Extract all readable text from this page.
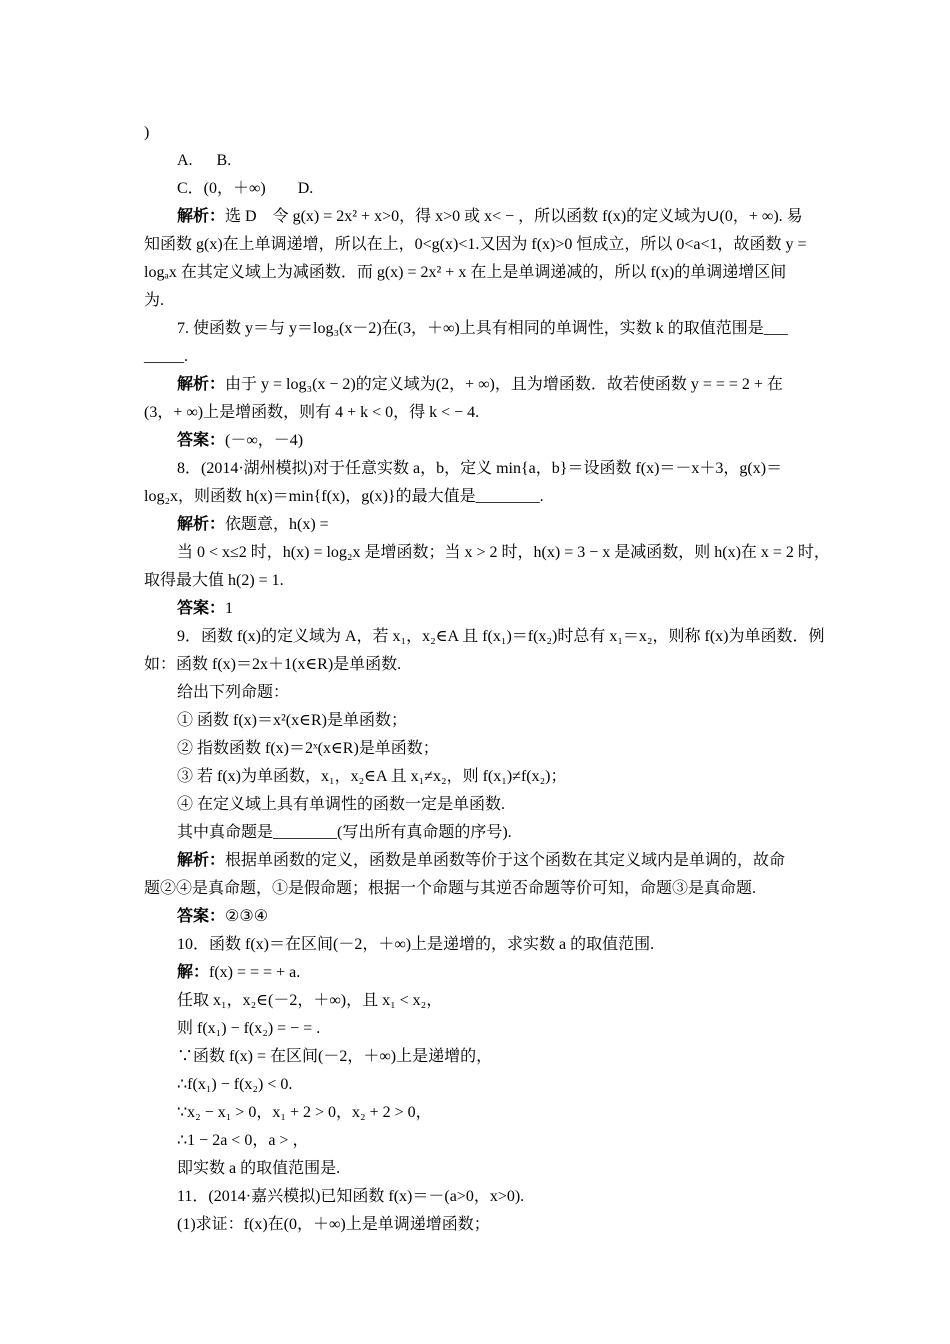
)
A.      B.
C．(0，＋∞)        D.
解析：选 D    令 g(x) = 2x² + x>0，得 x>0 或 x< − ，所以函数 f(x)的定义域为∪(0，+ ∞). 易
知函数 g(x)在上单调递增，所以在上，0<g(x)<1.又因为 f(x)>0 恒成立，所以 0<a<1，故函数 y =
logₐx 在其定义域上为减函数．而 g(x) = 2x² + x 在上是单调递减的，所以 f(x)的单调递增区间
为.
7. 使函数 y＝与 y＝log₃(x－2)在(3，＋∞)上具有相同的单调性，实数 k 的取值范围是___
_____.
解析：由于 y = log₃(x − 2)的定义域为(2，+ ∞)，且为增函数．故若使函数 y = = = 2 + 在
(3，+ ∞)上是增函数，则有 4 + k < 0，得 k < − 4.
答案：(－∞，－4)
8．(2014·湖州模拟)对于任意实数 a，b，定义 min{a，b}＝设函数 f(x)＝－x＋3，g(x)＝
log₂x，则函数 h(x)＝min{f(x)，g(x)}的最大值是________.
解析：依题意，h(x) =
当 0 < x≤2 时，h(x) = log₂x 是增函数；当 x > 2 时，h(x) = 3 − x 是减函数，则 h(x)在 x = 2 时，
取得最大值 h(2) = 1.
答案：1
9．函数 f(x)的定义域为 A，若 x₁，x₂∈A 且 f(x₁)＝f(x₂)时总有 x₁＝x₂，则称 f(x)为单函数．例
如：函数 f(x)＝2x＋1(x∈R)是单函数.
给出下列命题：
① 函数 f(x)＝x²(x∈R)是单函数；
② 指数函数 f(x)＝2ˣ(x∈R)是单函数；
③ 若 f(x)为单函数，x₁，x₂∈A 且 x₁≠x₂，则 f(x₁)≠f(x₂)；
④ 在定义域上具有单调性的函数一定是单函数.
其中真命题是________(写出所有真命题的序号).
解析：根据单函数的定义，函数是单函数等价于这个函数在其定义域内是单调的，故命
题②④是真命题，①是假命题；根据一个命题与其逆否命题等价可知，命题③是真命题.
答案：②③④
10．函数 f(x)＝在区间(－2，＋∞)上是递增的，求实数 a 的取值范围.
解：f(x) = = = + a.
任取 x₁，x₂∈(－2，＋∞)，且 x₁ < x₂，
则 f(x₁) − f(x₂) = − = .
∵函数 f(x) = 在区间(－2，＋∞)上是递增的，
∴f(x₁) − f(x₂) < 0.
∵x₂ − x₁ > 0，x₁ + 2 > 0，x₂ + 2 > 0，
∴1 − 2a < 0，a > ，
即实数 a 的取值范围是.
11．(2014·嘉兴模拟)已知函数 f(x)＝－(a>0，x>0).
(1)求证：f(x)在(0，＋∞)上是单调递增函数；
